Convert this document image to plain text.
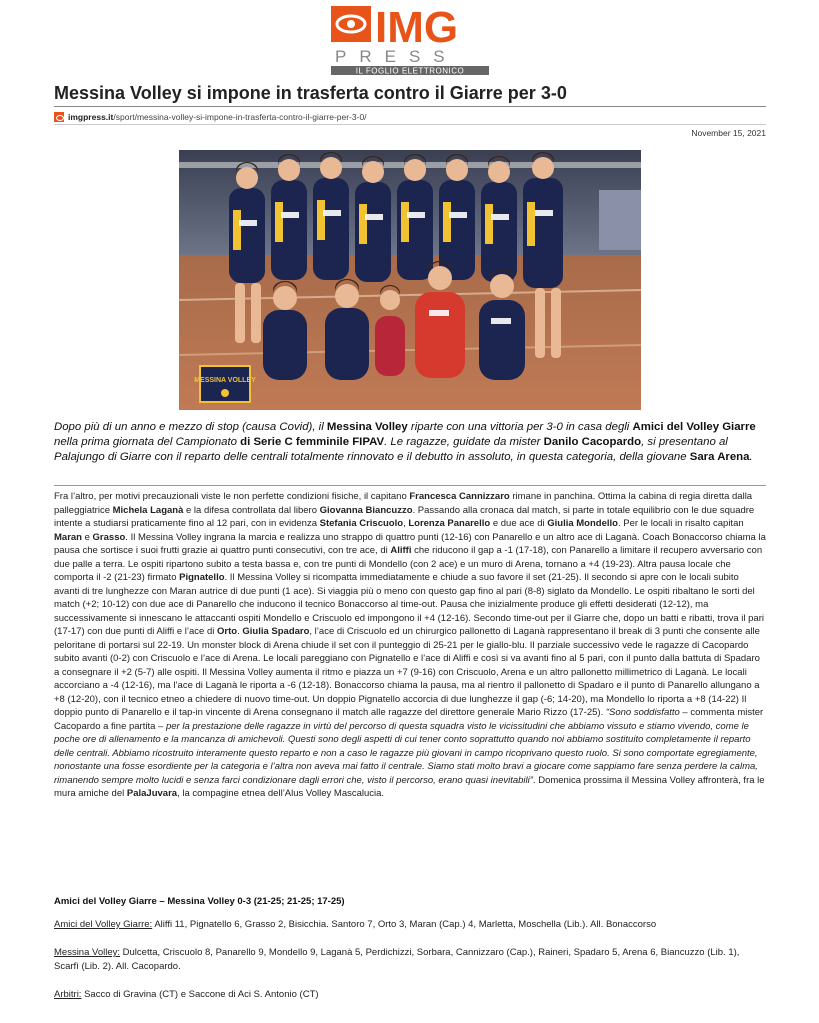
IMG
PRESS
IL FOGLIO ELETTRONICO
Messina Volley si impone in trasferta contro il Giarre per 3-0
imgpress.it /sport/messina-volley-si-impone-in-trasferta-contro-il-giarre-per-3-0/
November 15, 2021
MESSINA VOLLEY

Dopo più di un anno e mezzo di stop (causa Covid), il Messina Volley riparte con una vittoria per 3-0 in casa degli Amici del Volley Giarre nella prima giornata del Campionato di Serie C femminile FIPAV. Le ragazze, guidate da mister Danilo Cacopardo, si presentano al Palajungo di Giarre con il reparto delle centrali totalmente rinnovato e il debutto in assoluto, in questa categoria, della giovane Sara Arena.

Fra l’altro, per motivi precauzionali viste le non perfette condizioni fisiche, il capitano Francesca Cannizzaro rimane in panchina. Ottima la cabina di regia diretta dalla palleggiatrice Michela Laganà e la difesa controllata dal libero Giovanna Biancuzzo. Passando alla cronaca dal match, si parte in totale equilibrio con le due squadre intente a studiarsi praticamente fino al 12 pari, con in evidenza Stefania Criscuolo, Lorenza Panarello e due ace di Giulia Mondello. Per le locali in risalto capitan Maran e Grasso. Il Messina Volley ingrana la marcia e realizza uno strappo di quattro punti (12-16) con Panarello e un altro ace di Laganà. Coach Bonaccorso chiama la pausa che sortisce i suoi frutti grazie ai quattro punti consecutivi, con tre ace, di Aliffi che riducono il gap a -1 (17-18), con Panarello a limitare il recupero avversario con due palle a terra. Le ospiti ripartono subito a testa bassa e, con tre punti di Mondello (con 2 ace) e un muro di Arena, tornano a +4 (19-23). Altra pausa locale che comporta il -2 (21-23) firmato Pignatello. Il Messina Volley si ricompatta immediatamente e chiude a suo favore il set (21-25). Il secondo si apre con le locali subito avanti di tre lunghezze con Maran autrice di due punti (1 ace). Si viaggia più o meno con questo gap fino al pari (8-8) siglato da Mondello. Le ospiti ribaltano le sorti del match (+2; 10-12) con due ace di Panarello che inducono il tecnico Bonaccorso al time-out. Pausa che inizialmente produce gli effetti desiderati (12-12), ma successivamente si innescano le attaccanti ospiti Mondello e Criscuolo ed impongono il +4 (12-16). Secondo time-out per il Giarre che, dopo un batti e ribatti, trova il pari (17-17) con due punti di Aliffi e l’ace di Orto. Giulia Spadaro, l’ace di Criscuolo ed un chirurgico pallonetto di Laganà rappresentano il break di 3 punti che consente alle peloritane di portarsi sul 22-19. Un monster block di Arena chiude il set con il punteggio di 25-21 per le giallo-blu. Il parziale successivo vede le ragazze di Cacopardo subito avanti (0-2) con Criscuolo e l’ace di Arena. Le locali pareggiano con Pignatello e l’ace di Aliffi e così si va avanti fino al 5 pari, con il punto dalla battuta di Spadaro a consegnare il +2 (5-7) alle ospiti. Il Messina Volley aumenta il ritmo e piazza un +7 (9-16) con Criscuolo, Arena e un altro pallonetto millimetrico di Laganà. Le locali accorciano a -4 (12-16), ma l’ace di Laganà le riporta a -6 (12-18). Bonaccorso chiama la pausa, ma al rientro il pallonetto di Spadaro e il punto di Panarello allungano a +8 (12-20), con il tecnico etneo a chiedere di nuovo time-out. Un doppio Pignatello accorcia di due lunghezze il gap (-6; 14-20), ma Mondello lo riporta a +8 (14-22) Il doppio punto di Panarello e il tap-in vincente di Arena consegnano il match alle ragazze del direttore generale Mario Rizzo (17-25). “Sono soddisfatto – commenta mister Cacopardo a fine partita – per la prestazione delle ragazze in virtù del percorso di questa squadra visto le vicissitudini che abbiamo vissuto e stiamo vivendo, come le poche ore di allenamento e la mancanza di amichevoli. Questi sono degli aspetti di cui tener conto soprattutto quando noi abbiamo sostituito completamente il reparto delle centrali. Abbiamo ricostruito interamente questo reparto e non a caso le ragazze più giovani in campo ricoprivano questo ruolo. Si sono comportate egregiamente, nonostante una fosse esordiente per la categoria e l’altra non aveva mai fatto il centrale. Siamo stati molto bravi a giocare come sappiamo fare senza perdere la calma, rimanendo sempre molto lucidi e senza farci condizionare dagli errori che, visto il percorso, erano quasi inevitabili”. Domenica prossima il Messina Volley affronterà, fra le mura amiche del PalaJuvara, la compagine etnea dell’Alus Volley Mascalucia.

Amici del Volley Giarre – Messina Volley 0-3 (21-25; 21-25; 17-25)
Amici del Volley Giarre: Aliffi 11, Pignatello 6, Grasso 2, Bisicchia. Santoro 7, Orto 3, Maran (Cap.) 4, Marletta, Moschella (Lib.). All. Bonaccorso
Messina Volley: Dulcetta, Criscuolo 8, Panarello 9, Mondello 9, Laganà 5, Perdichizzi, Sorbara, Cannizzaro (Cap.), Raineri, Spadaro 5, Arena 6, Biancuzzo (Lib. 1), Scarfì (Lib. 2). All. Cacopardo.
Arbitri: Sacco di Gravina (CT) e Saccone di Aci S. Antonio (CT)
